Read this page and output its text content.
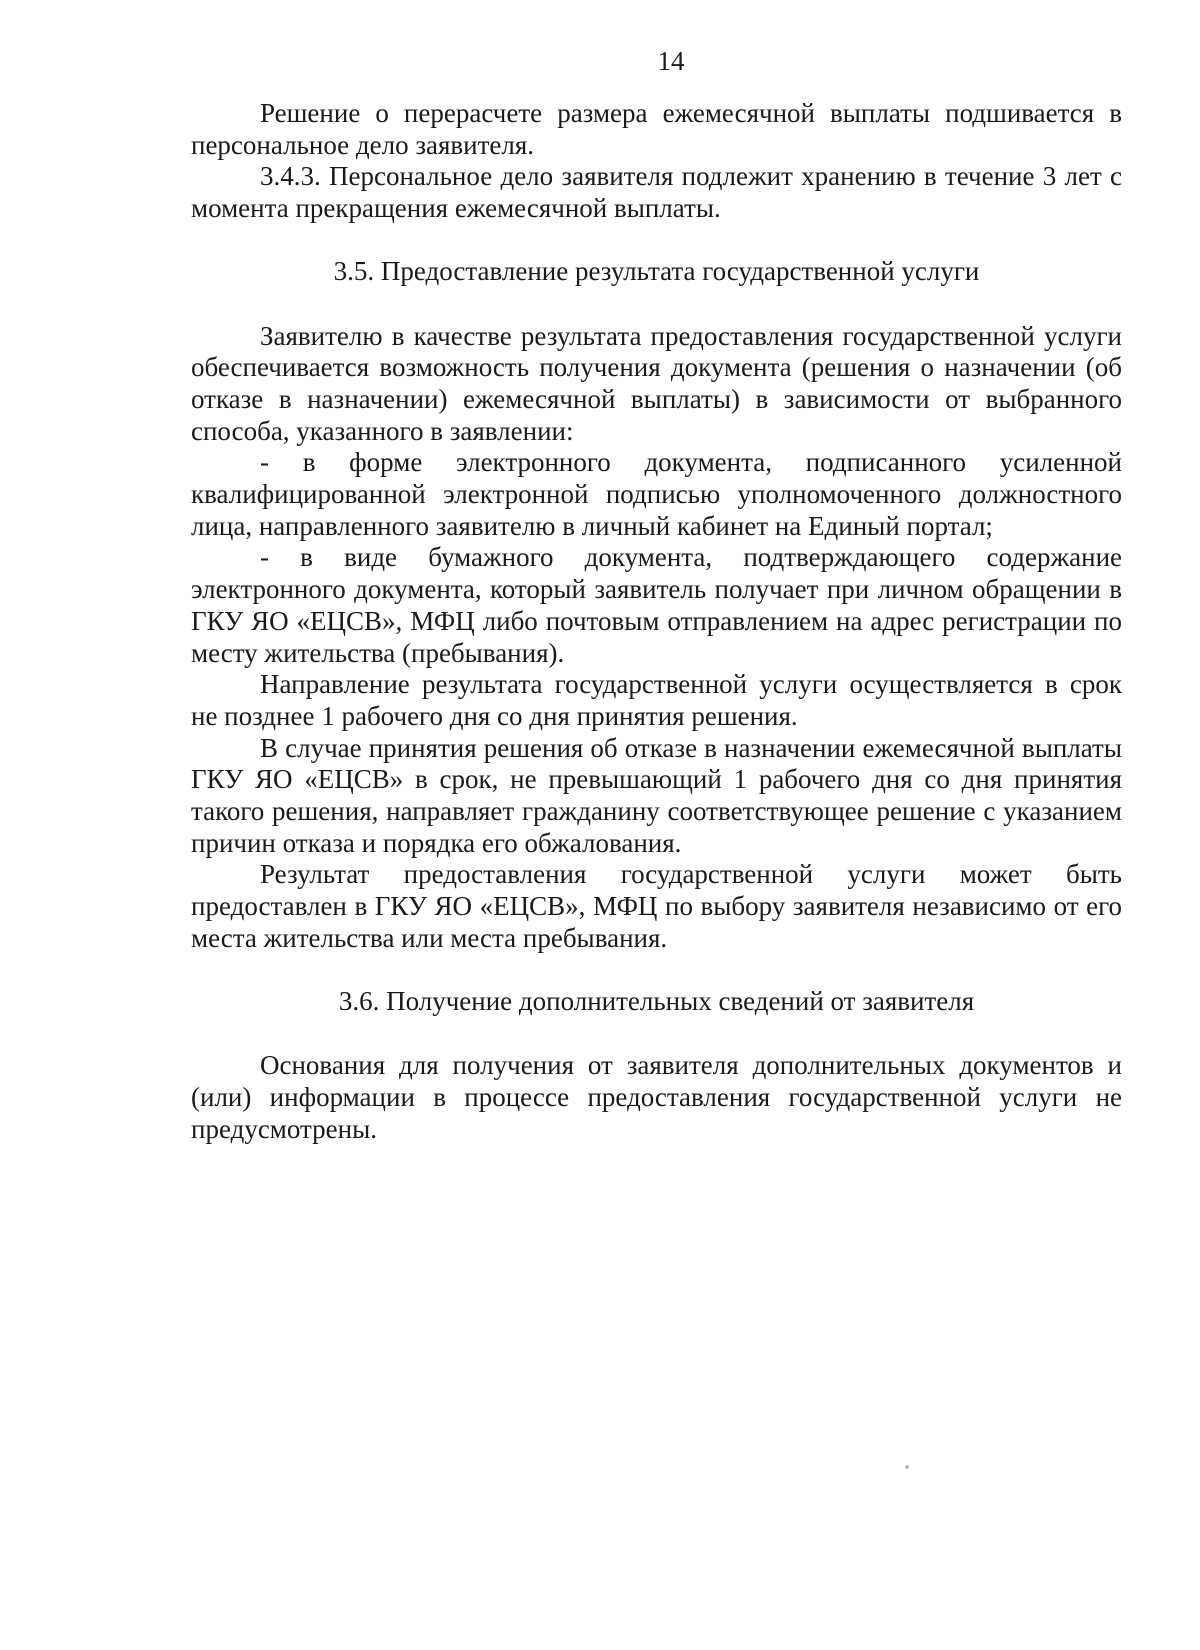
14

Решение о перерасчете размера ежемесячной выплаты подшивается в персональное дело заявителя.

3.4.3. Персональное дело заявителя подлежит хранению в течение 3 лет с момента прекращения ежемесячной выплаты.

3.5. Предоставление результата государственной услуги

Заявителю в качестве результата предоставления государственной услуги обеспечивается возможность получения документа (решения о назначении (об отказе в назначении) ежемесячной выплаты) в зависимости от выбранного способа, указанного в заявлении:

- в форме электронного документа, подписанного усиленной квалифицированной электронной подписью уполномоченного должностного лица, направленного заявителю в личный кабинет на Единый портал;

- в виде бумажного документа, подтверждающего содержание электронного документа, который заявитель получает при личном обращении в ГКУ ЯО «ЕЦСВ», МФЦ либо почтовым отправлением на адрес регистрации по месту жительства (пребывания).

Направление результата государственной услуги осуществляется в срок не позднее 1 рабочего дня со дня принятия решения.

В случае принятия решения об отказе в назначении ежемесячной выплаты ГКУ ЯО «ЕЦСВ» в срок, не превышающий 1 рабочего дня со дня принятия такого решения, направляет гражданину соответствующее решение с указанием причин отказа и порядка его обжалования.

Результат предоставления государственной услуги может быть предоставлен в ГКУ ЯО «ЕЦСВ», МФЦ по выбору заявителя независимо от его места жительства или места пребывания.

3.6. Получение дополнительных сведений от заявителя

Основания для получения от заявителя дополнительных документов и (или) информации в процессе предоставления государственной услуги не предусмотрены.
